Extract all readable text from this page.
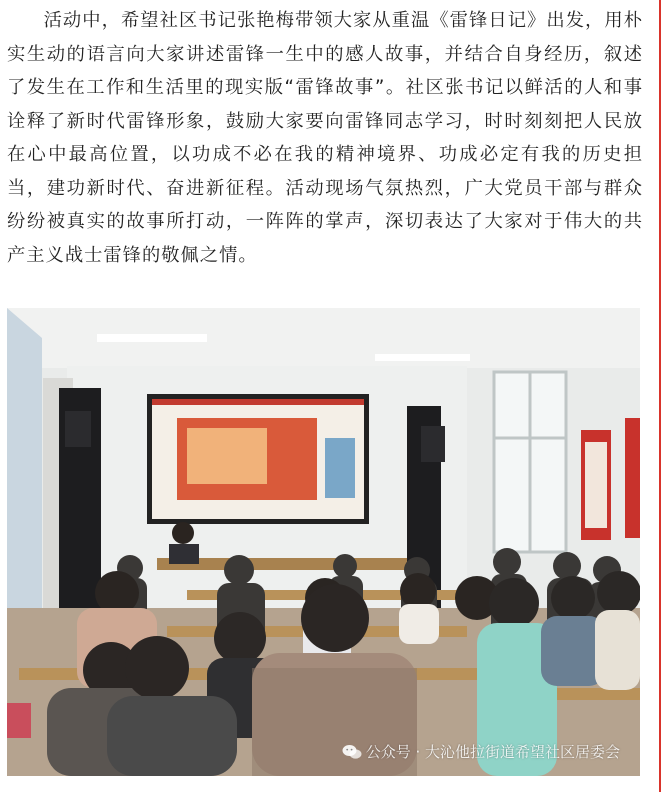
活动中，希望社区书记张艳梅带领大家从重温《雷锋日记》出发，用朴实生动的语言向大家讲述雷锋一生中的感人故事，并结合自身经历，叙述了发生在工作和生活里的现实版“雷锋故事”。社区张书记以鲜活的人和事诠释了新时代雷锋形象，鼓励大家要向雷锋同志学习，时时刻刻把人民放在心中最高位置，以功成不必在我的精神境界、功成必定有我的历史担当，建功新时代、奋进新征程。活动现场气氛热烈，广大党员干部与群众纷纷被真实的故事所打动，一阵阵的掌声，深切表达了大家对于伟大的共产主义战士雷锋的敬佩之情。

公众号 · 大沁他拉街道希望社区居委会
